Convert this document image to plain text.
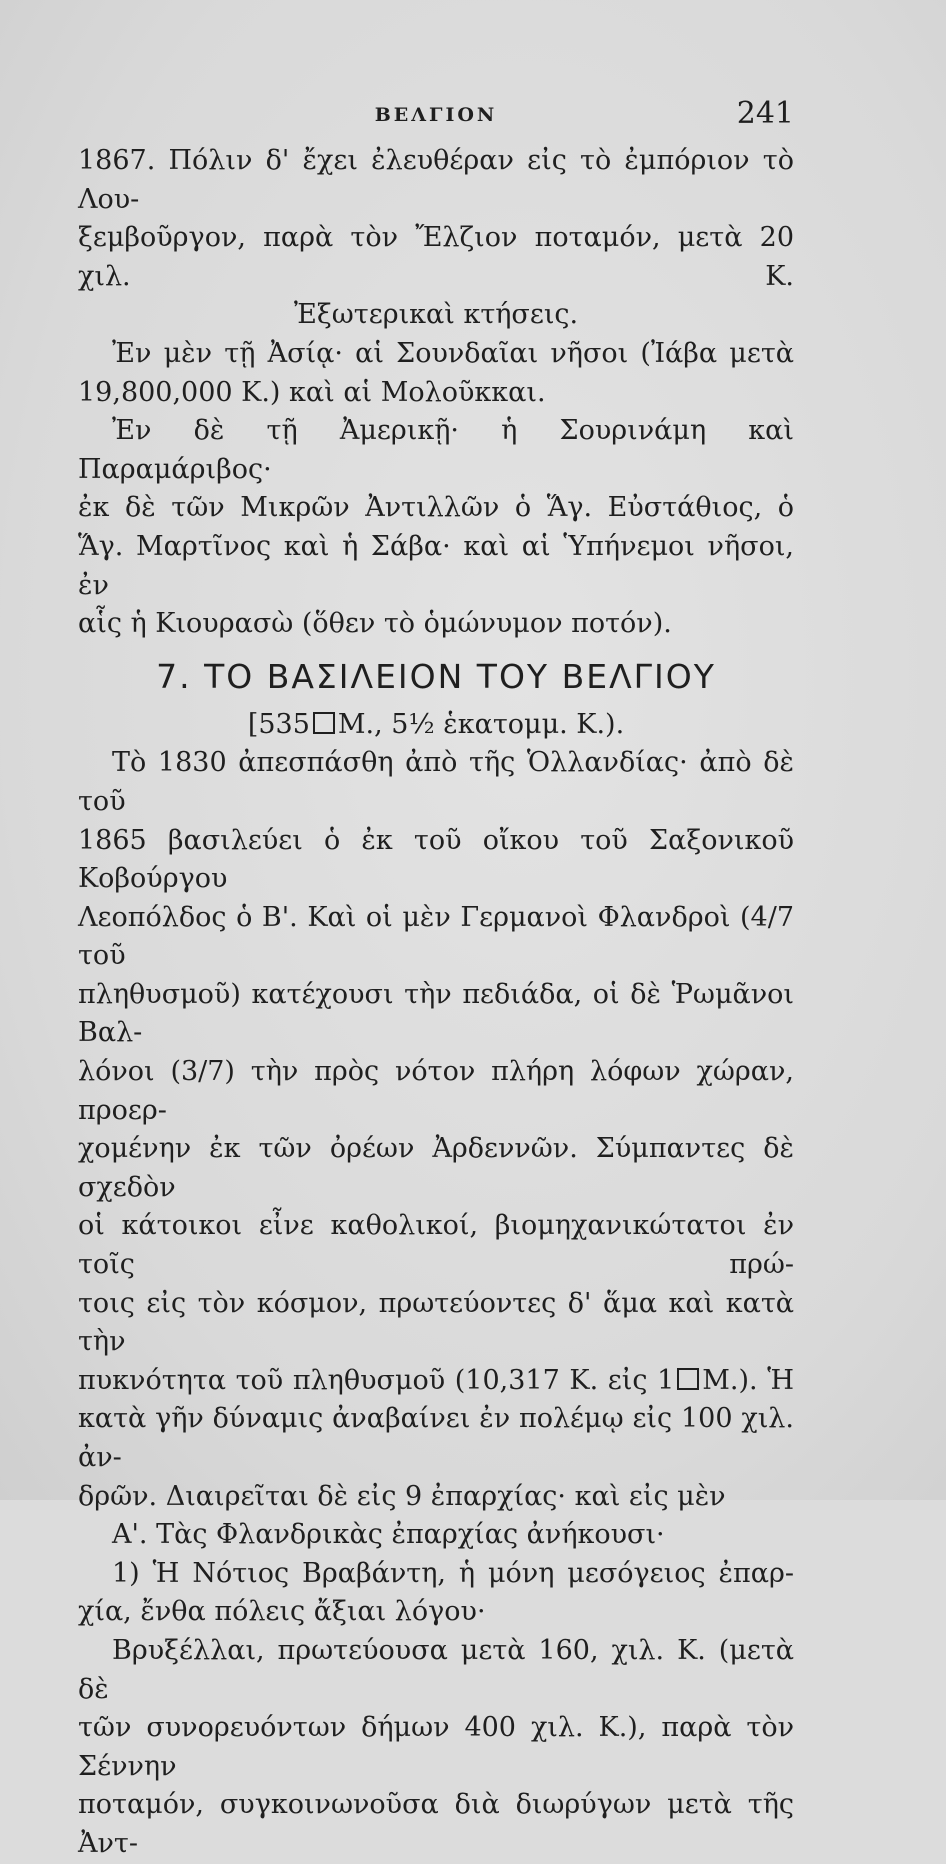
ΒΕΛΓΙΟΝ	241

1867. Πόλιν δ' ἔχει ἐλευθέραν εἰς τὸ ἐμπόριον τὸ Λου-

ξεμβοῦργον, παρὰ τὸν Ἔλζιον ποταμόν, μετὰ 20 χιλ. Κ.

Ἐξωτερικαὶ κτήσεις.

Ἐν μὲν τῇ Ἀσίᾳ· αἱ Σουνδαῖαι νῆσοι (Ἰάβα μετὰ

19,800,000 Κ.) καὶ αἱ Μολοῦκκαι.

Ἐν δὲ τῇ Ἀμερικῇ· ἡ Σουρινάμη καὶ Παραμάριβος·

ἐκ δὲ τῶν Μικρῶν Ἀντιλλῶν ὁ Ἅγ. Εὐστάθιος, ὁ

Ἅγ. Μαρτῖνος καὶ ἡ Σάβα· καὶ αἱ Ὑπήνεμοι νῆσοι, ἐν

αἷς ἡ Κιουρασὼ (ὅθεν τὸ ὁμώνυμον ποτόν).

7. ΤΟ ΒΑΣΙΛΕΙΟΝ ΤΟΥ ΒΕΛΓΙΟΥ

[535 Μ., 5½ ἑκατομμ. Κ.).

Τὸ 1830 ἀπεσπάσθη ἀπὸ τῆς Ὁλλανδίας· ἀπὸ δὲ τοῦ

1865 βασιλεύει ὁ ἐκ τοῦ οἴκου τοῦ Σαξονικοῦ Κοβούργου

Λεοπόλδος ὁ Β'. Καὶ οἱ μὲν Γερμανοὶ Φλανδροὶ (4/7 τοῦ

πληθυσμοῦ) κατέχουσι τὴν πεδιάδα, οἱ δὲ Ῥωμᾶνοι Βαλ-

λόνοι (3/7) τὴν πρὸς νότον πλήρη λόφων χώραν, προερ-

χομένην ἐκ τῶν ὀρέων Ἀρδεννῶν. Σύμπαντες δὲ σχεδὸν

οἱ κάτοικοι εἶνε καθολικοί, βιομηχανικώτατοι ἐν τοῖς πρώ-

τοις εἰς τὸν κόσμον, πρωτεύοντες δ' ἅμα καὶ κατὰ τὴν

πυκνότητα τοῦ πληθυσμοῦ (10,317 Κ. εἰς 1 Μ.). Ἡ

κατὰ γῆν δύναμις ἀναβαίνει ἐν πολέμῳ εἰς 100 χιλ. ἀν-

δρῶν. Διαιρεῖται δὲ εἰς 9 ἐπαρχίας· καὶ εἰς μὲν

Α'. Τὰς Φλανδρικὰς ἐπαρχίας ἀνήκουσι·

1) Ἡ Νότιος Βραβάντη, ἡ μόνη μεσόγειος ἐπαρ-

χία, ἔνθα πόλεις ἄξιαι λόγου·

Βρυξέλλαι, πρωτεύουσα μετὰ 160, χιλ. Κ. (μετὰ δὲ

τῶν συνορευόντων δήμων 400 χιλ. Κ.), παρὰ τὸν Σέννην

ποταμόν, συγκοινωνοῦσα διὰ διωρύγων μετὰ τῆς Ἀντ-
